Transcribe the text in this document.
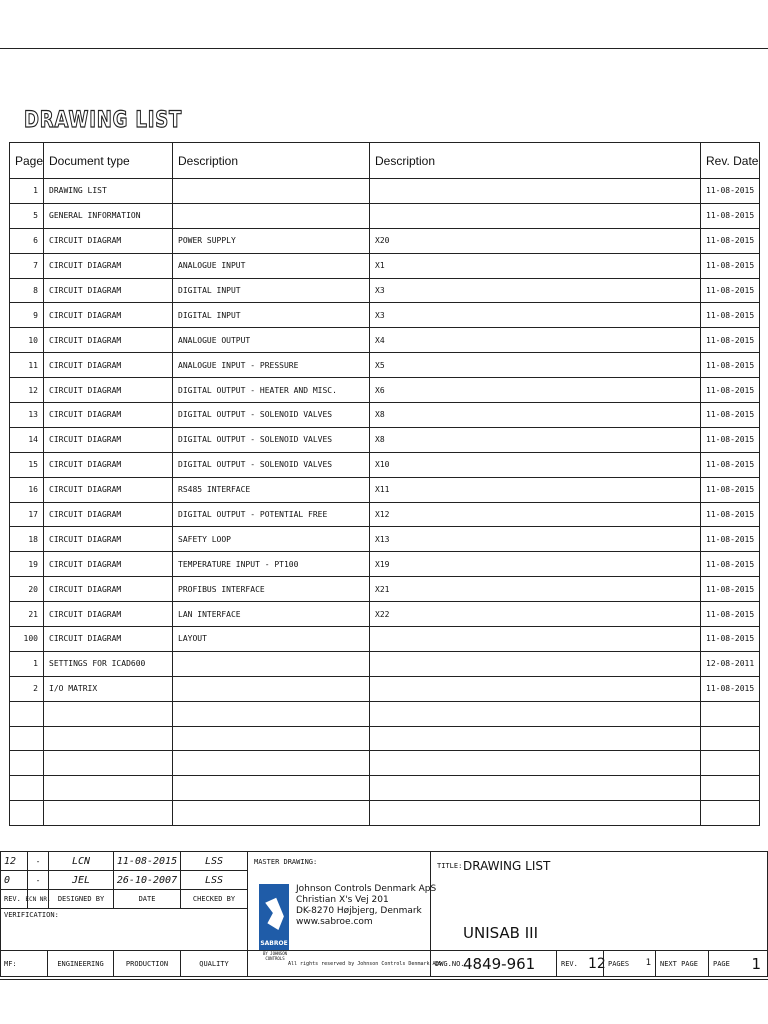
DRAWING LIST
Page	Document type	Description	Description	Rev. Date
1	DRAWING LIST			11-08-2015
5	GENERAL INFORMATION			11-08-2015
6	CIRCUIT DIAGRAM	POWER SUPPLY	X20	11-08-2015
7	CIRCUIT DIAGRAM	ANALOGUE INPUT	X1	11-08-2015
8	CIRCUIT DIAGRAM	DIGITAL INPUT	X3	11-08-2015
9	CIRCUIT DIAGRAM	DIGITAL INPUT	X3	11-08-2015
10	CIRCUIT DIAGRAM	ANALOGUE OUTPUT	X4	11-08-2015
11	CIRCUIT DIAGRAM	ANALOGUE INPUT - PRESSURE	X5	11-08-2015
12	CIRCUIT DIAGRAM	DIGITAL OUTPUT - HEATER AND MISC.	X6	11-08-2015
13	CIRCUIT DIAGRAM	DIGITAL OUTPUT - SOLENOID VALVES	X8	11-08-2015
14	CIRCUIT DIAGRAM	DIGITAL OUTPUT - SOLENOID VALVES	X8	11-08-2015
15	CIRCUIT DIAGRAM	DIGITAL OUTPUT - SOLENOID VALVES	X10	11-08-2015
16	CIRCUIT DIAGRAM	RS485 INTERFACE	X11	11-08-2015
17	CIRCUIT DIAGRAM	DIGITAL OUTPUT - POTENTIAL FREE	X12	11-08-2015
18	CIRCUIT DIAGRAM	SAFETY LOOP	X13	11-08-2015
19	CIRCUIT DIAGRAM	TEMPERATURE INPUT - PT100	X19	11-08-2015
20	CIRCUIT DIAGRAM	PROFIBUS INTERFACE	X21	11-08-2015
21	CIRCUIT DIAGRAM	LAN INTERFACE	X22	11-08-2015
100	CIRCUIT DIAGRAM	LAYOUT		11-08-2015
1	SETTINGS FOR ICAD600			12-08-2011
2	I/O MATRIX			11-08-2015

12	-	LCN	11-08-2015	LSS
0	-	JEL	26-10-2007	LSS
REV. ECN NR.	DESIGNED BY	DATE	CHECKED BY
VERIFICATION:
MF:	ENGINEERING	PRODUCTION	QUALITY
MASTER DRAWING:
Johnson Controls Denmark ApS
Christian X's Vej 201
DK-8270 Højbjerg, Denmark
www.sabroe.com
All rights reserved by Johnson Controls Denmark ApS
BY JOHNSON CONTROLS
TITLE: DRAWING LIST
UNISAB III
DWG.NO.
4849-961	REV. 12 PAGES 1 NEXT PAGE PAGE 1
SABROE
